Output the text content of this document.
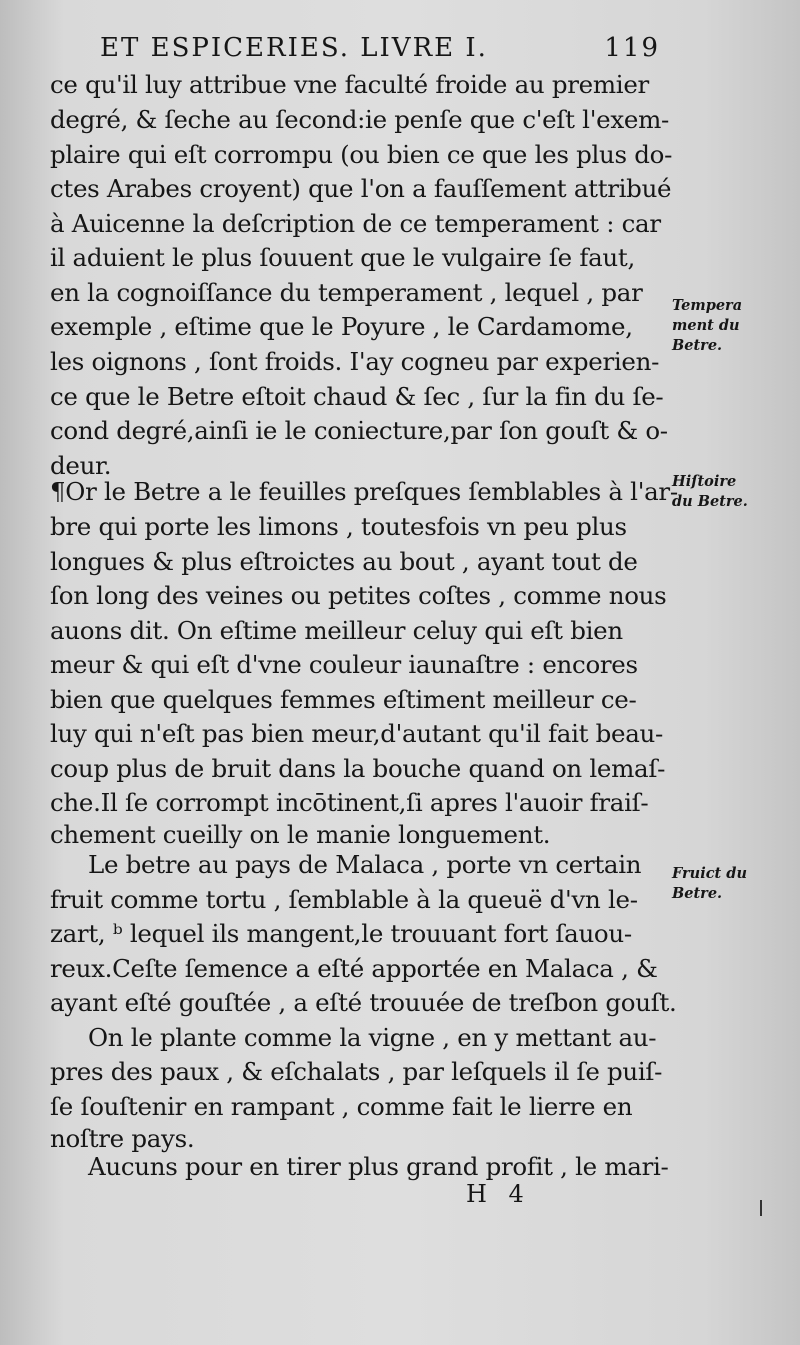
ET ESPICERIES. LIVRE I.	119
ce qu'il luy attribue vne faculté froide au premier
degré, & ſeche au ſecond:ie penſe que c'eſt l'exem-
plaire qui eſt corrompu (ou bien ce que les plus do-
ctes Arabes croyent) que l'on a fauſſement attribué
à Auicenne la deſcription de ce temperament : car
il aduient le plus ſouuent que le vulgaire ſe faut,
en la cognoiſſance du temperament , lequel , par
exemple , eſtime que le Poyure , le Cardamome,
les oignons , ſont froids. I'ay cogneu par experien-
ce que le Betre eſtoit chaud & ſec , ſur la fin du ſe-
cond degré,ainſi ie le coniecture,par ſon gouſt & o-
deur.
¶Or le Betre a le feuilles preſques ſemblables à l'ar-
bre qui porte les limons , toutesfois vn peu plus
longues & plus eſtroictes au bout , ayant tout de
ſon long des veines ou petites coſtes , comme nous
auons dit. On eſtime meilleur celuy qui eſt bien
meur & qui eſt d'vne couleur iaunaſtre : encores
bien que quelques femmes eſtiment meilleur ce-
luy qui n'eſt pas bien meur,d'autant qu'il fait beau-
coup plus de bruit dans la bouche quand on lemaſ-
che.Il ſe corrompt incōtinent,ſi apres l'auoir fraiſ-
chement cueilly on le manie longuement.
Le betre au pays de Malaca , porte vn certain
fruit comme tortu , ſemblable à la queuë d'vn le-
zart, ᵇ lequel ils mangent,le trouuant fort ſauou-
reux.Ceſte ſemence a eſté apportée en Malaca , &
ayant eſté gouſtée , a eſté trouuée de treſbon gouſt.
On le plante comme la vigne , en y mettant au-
pres des paux , & eſchalats , par leſquels il ſe puiſ-
ſe ſouſtenir en rampant , comme fait le lierre en
noſtre pays.
Aucuns pour en tirer plus grand profit , le mari-
Tempera
ment du
Betre.
Hiſtoire
du Betre.
Fruict du
Betre.
H 4
